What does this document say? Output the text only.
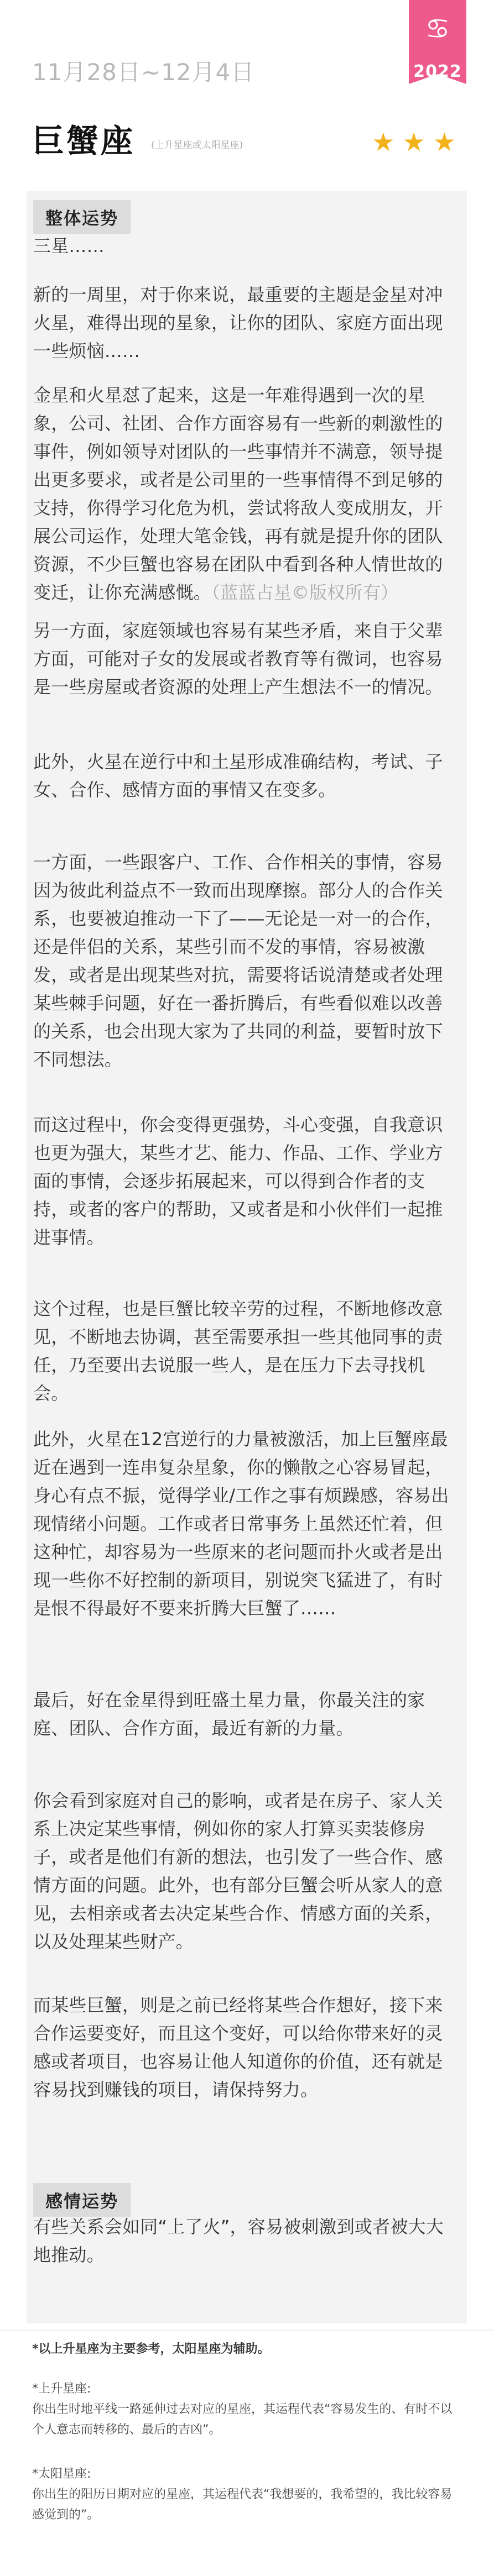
11月28日~12月4日
♋
2022
巨蟹座 (上升星座或太阳星座)	★★★
整体运势

三星……

新的一周里，对于你来说，最重要的主题是金星对冲火星，难得出现的星象，让你的团队、家庭方面出现一些烦恼……

金星和火星怼了起来，这是一年难得遇到一次的星象，公司、社团、合作方面容易有一些新的刺激性的事件，例如领导对团队的一些事情并不满意，领导提出更多要求，或者是公司里的一些事情得不到足够的支持，你得学习化危为机，尝试将敌人变成朋友，开展公司运作，处理大笔金钱，再有就是提升你的团队资源，不少巨蟹也容易在团队中看到各种人情世故的变迁，让你充满感慨。（蓝蓝占星©版权所有）

另一方面，家庭领域也容易有某些矛盾，来自于父辈方面，可能对子女的发展或者教育等有微词，也容易是一些房屋或者资源的处理上产生想法不一的情况。

此外，火星在逆行中和土星形成准确结构，考试、子女、合作、感情方面的事情又在变多。

一方面，一些跟客户、工作、合作相关的事情，容易因为彼此利益点不一致而出现摩擦。部分人的合作关系，也要被迫推动一下了——无论是一对一的合作，还是伴侣的关系，某些引而不发的事情，容易被激发，或者是出现某些对抗，需要将话说清楚或者处理某些棘手问题，好在一番折腾后，有些看似难以改善的关系，也会出现大家为了共同的利益，要暂时放下不同想法。

而这过程中，你会变得更强势，斗心变强，自我意识也更为强大，某些才艺、能力、作品、工作、学业方面的事情，会逐步拓展起来，可以得到合作者的支持，或者的客户的帮助，又或者是和小伙伴们一起推进事情。

这个过程，也是巨蟹比较辛劳的过程，不断地修改意见，不断地去协调，甚至需要承担一些其他同事的责任，乃至要出去说服一些人，是在压力下去寻找机会。

此外，火星在12宫逆行的力量被激活，加上巨蟹座最近在遇到一连串复杂星象，你的懒散之心容易冒起，身心有点不振，觉得学业/工作之事有烦躁感，容易出现情绪小问题。工作或者日常事务上虽然还忙着，但这种忙，却容易为一些原来的老问题而扑火或者是出现一些你不好控制的新项目，别说突飞猛进了，有时是恨不得最好不要来折腾大巨蟹了……

最后，好在金星得到旺盛土星力量，你最关注的家庭、团队、合作方面，最近有新的力量。

你会看到家庭对自己的影响，或者是在房子、家人关系上决定某些事情，例如你的家人打算买卖装修房子，或者是他们有新的想法，也引发了一些合作、感情方面的问题。此外，也有部分巨蟹会听从家人的意见，去相亲或者去决定某些合作、情感方面的关系，以及处理某些财产。

而某些巨蟹，则是之前已经将某些合作想好，接下来合作运要变好，而且这个变好，可以给你带来好的灵感或者项目，也容易让他人知道你的价值，还有就是容易找到赚钱的项目，请保持努力。

感情运势

有些关系会如同“上了火”，容易被刺激到或者被大大地推动。

*以上升星座为主要参考，太阳星座为辅助。
*上升星座:
你出生时地平线一路延伸过去对应的星座，其运程代表“容易发生的、有时不以个人意志而转移的、最后的吉凶”。
*太阳星座:
你出生的阳历日期对应的星座，其运程代表“我想要的，我希望的，我比较容易感觉到的”。
